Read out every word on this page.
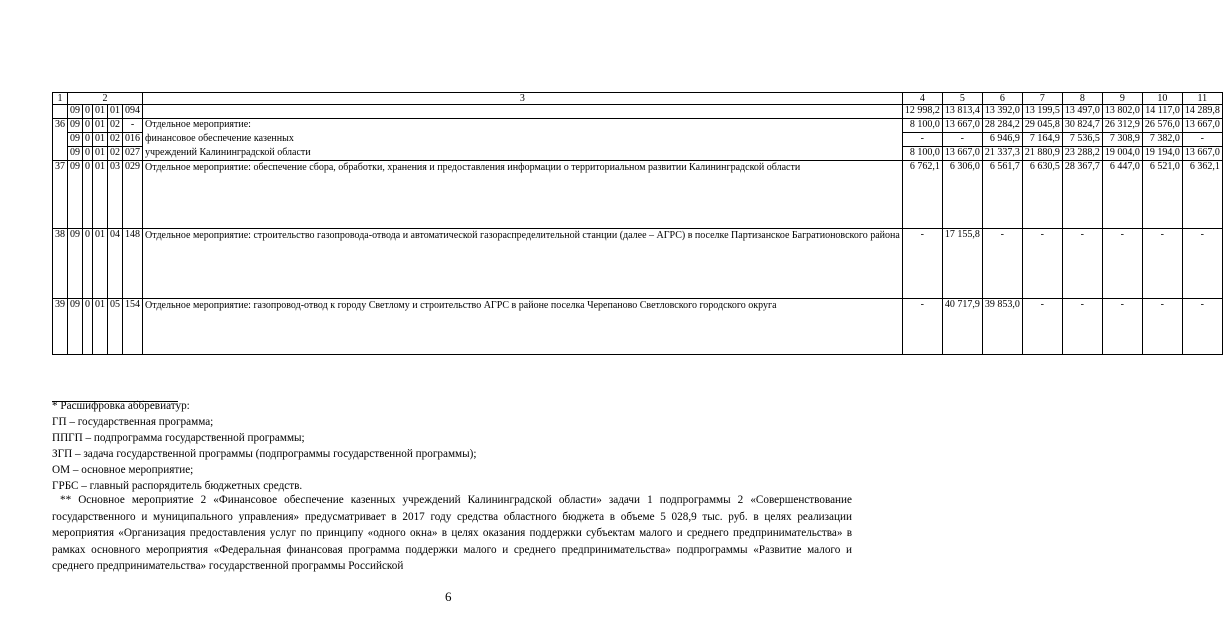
1	2					3	4	5	6	7	8	9	10	11
	09	0	01	01	094		12 998,2	13 813,4	13 392,0	13 199,5	13 497,0	13 802,0	14 117,0	14 289,8
36	09	0	01	02	-	Отдельное мероприятие:	8 100,0	13 667,0	28 284,2	29 045,8	30 824,7	26 312,9	26 576,0	13 667,0
	09	0	01	02	016	финансовое обеспечение казенных	-	-	6 946,9	7 164,9	7 536,5	7 308,9	7 382,0	-
	09	0	01	02	027	учреждений Калининградской области	8 100,0	13 667,0	21 337,3	21 880,9	23 288,2	19 004,0	19 194,0	13 667,0
37	09	0	01	03	029	Отдельное мероприятие: обеспечение сбора, обработки, хранения и предоставления информации о территориальном развитии Калининградской области	6 762,1	6 306,0	6 561,7	6 630,5	28 367,7	6 447,0	6 521,0	6 362,1
38	09	0	01	04	148	Отдельное мероприятие: строительство газопровода-отвода и автоматической газораспределительной станции (далее – АГРС) в поселке Партизанское Багратионовского района	-	17 155,8	-	-	-	-	-	-
39	09	0	01	05	154	Отдельное мероприятие: газопровод-отвод к городу Светлому и строительство АГРС в районе поселка Черепаново Светловского городского округа	-	40 717,9	39 853,0	-	-	-	-	-
* Расшифровка аббревиатур:
ГП – государственная программа;
ППГП – подпрограмма государственной программы;
ЗГП – задача государственной программы (подпрограммы государственной программы);
ОМ – основное мероприятие;
ГРБС – главный распорядитель бюджетных средств.
** Основное мероприятие 2 «Финансовое обеспечение казенных учреждений Калининградской области» задачи 1 подпрограммы 2 «Совершенствование государственного и муниципального управления» предусматривает в 2017 году средства областного бюджета в объеме 5 028,9 тыс. руб. в целях реализации мероприятия «Организация предоставления услуг по принципу «одного окна» в целях оказания поддержки субъектам малого и среднего предпринимательства» в рамках основного мероприятия «Федеральная финансовая программа поддержки малого и среднего предпринимательства» подпрограммы «Развитие малого и среднего предпринимательства» государственной программы Российской
6
